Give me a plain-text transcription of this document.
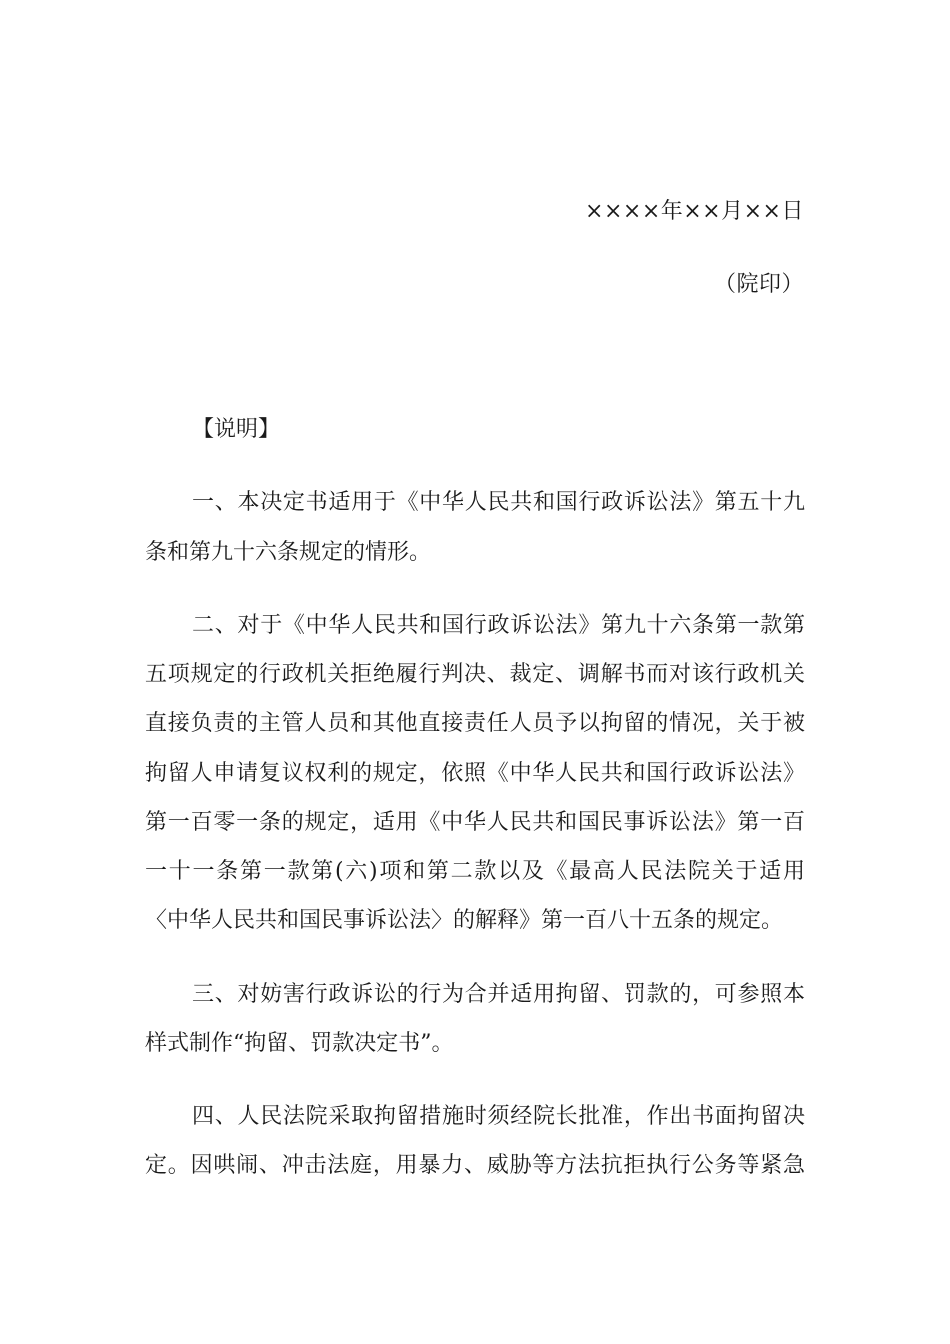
××××年××月××日
（院印）
【说明】
一、本决定书适用于《中华人民共和国行政诉讼法》第五十九
条和第九十六条规定的情形。
二、对于《中华人民共和国行政诉讼法》第九十六条第一款第
五项规定的行政机关拒绝履行判决、裁定、调解书而对该行政机关
直接负责的主管人员和其他直接责任人员予以拘留的情况，关于被
拘留人申请复议权利的规定，依照《中华人民共和国行政诉讼法》
第一百零一条的规定，适用《中华人民共和国民事诉讼法》第一百
一十一条第一款第(六)项和第二款以及《最高人民法院关于适用
〈中华人民共和国民事诉讼法〉的解释》第一百八十五条的规定。
三、对妨害行政诉讼的行为合并适用拘留、罚款的，可参照本
样式制作“拘留、罚款决定书”。
四、人民法院采取拘留措施时须经院长批准，作出书面拘留决
定。因哄闹、冲击法庭，用暴力、威胁等方法抗拒执行公务等紧急
